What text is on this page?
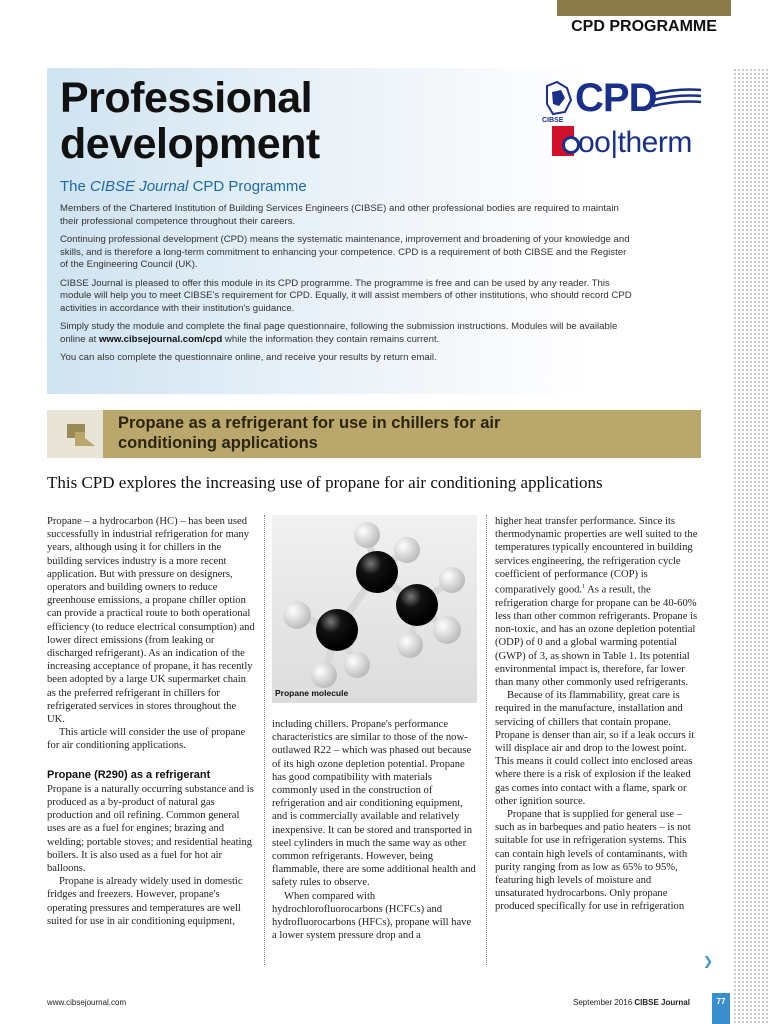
CPD PROGRAMME
Professional development
The CIBSE Journal CPD Programme

Members of the Chartered Institution of Building Services Engineers (CIBSE) and other professional bodies are required to maintain their professional competence throughout their careers.

Continuing professional development (CPD) means the systematic maintenance, improvement and broadening of your knowledge and skills, and is therefore a long-term commitment to enhancing your competence. CPD is a requirement of both CIBSE and the Register of the Engineering Council (UK).

CIBSE Journal is pleased to offer this module in its CPD programme. The programme is free and can be used by any reader. This module will help you to meet CIBSE's requirement for CPD. Equally, it will assist members of other institutions, who should record CPD activities in accordance with their institution's guidance.

Simply study the module and complete the final page questionnaire, following the submission instructions. Modules will be available online at www.cibsejournal.com/cpd while the information they contain remains current.

You can also complete the questionnaire online, and receive your results by return email.

CPD
CIBSE
oo|therm
Propane as a refrigerant for use in chillers for air conditioning applications
This CPD explores the increasing use of propane for air conditioning applications

Propane – a hydrocarbon (HC) – has been used successfully in industrial refrigeration for many years, although using it for chillers in the building services industry is a more recent application. But with pressure on designers, operators and building owners to reduce greenhouse emissions, a propane chiller option can provide a practical route to both operational efficiency (to reduce electrical consumption) and lower direct emissions (from leaking or discharged refrigerant). As an indication of the increasing acceptance of propane, it has recently been adopted by a large UK supermarket chain as the preferred refrigerant in chillers for refrigerated services in stores throughout the UK.

This article will consider the use of propane for air conditioning applications.

Propane (R290) as a refrigerant

Propane is a naturally occurring substance and is produced as a by-product of natural gas production and oil refining. Common general uses are as a fuel for engines; brazing and welding; portable stoves; and residential heating boilers. It is also used as a fuel for hot air balloons.

Propane is already widely used in domestic fridges and freezers. However, propane's operating pressures and temperatures are well suited for use in air conditioning equipment,

Propane molecule

including chillers. Propane's performance characteristics are similar to those of the now-outlawed R22 – which was phased out because of its high ozone depletion potential. Propane has good compatibility with materials commonly used in the construction of refrigeration and air conditioning equipment, and is commercially available and relatively inexpensive. It can be stored and transported in steel cylinders in much the same way as other common refrigerants. However, being flammable, there are some additional health and safety rules to observe.

When compared with hydrochlorofluorocarbons (HCFCs) and hydrofluorocarbons (HFCs), propane will have a lower system pressure drop and a

higher heat transfer performance. Since its thermodynamic properties are well suited to the temperatures typically encountered in building services engineering, the refrigeration cycle coefficient of performance (COP) is comparatively good.$^1$ As a result, the refrigeration charge for propane can be 40-60% less than other common refrigerants. Propane is non-toxic, and has an ozone depletion potential (ODP) of 0 and a global warming potential (GWP) of 3, as shown in Table 1. Its potential environmental impact is, therefore, far lower than many other commonly used refrigerants.

Because of its flammability, great care is required in the manufacture, installation and servicing of chillers that contain propane. Propane is denser than air, so if a leak occurs it will displace air and drop to the lowest point. This means it could collect into enclosed areas where there is a risk of explosion if the leaked gas comes into contact with a flame, spark or other ignition source.

Propane that is supplied for general use – such as in barbeques and patio heaters – is not suitable for use in refrigeration systems. This can contain high levels of contaminants, with purity ranging from as low as 65% to 95%, featuring high levels of moisture and unsaturated hydrocarbons. Only propane produced specifically for use in refrigeration

❯
www.cibsejournal.com	September 2016 CIBSE Journal	77
